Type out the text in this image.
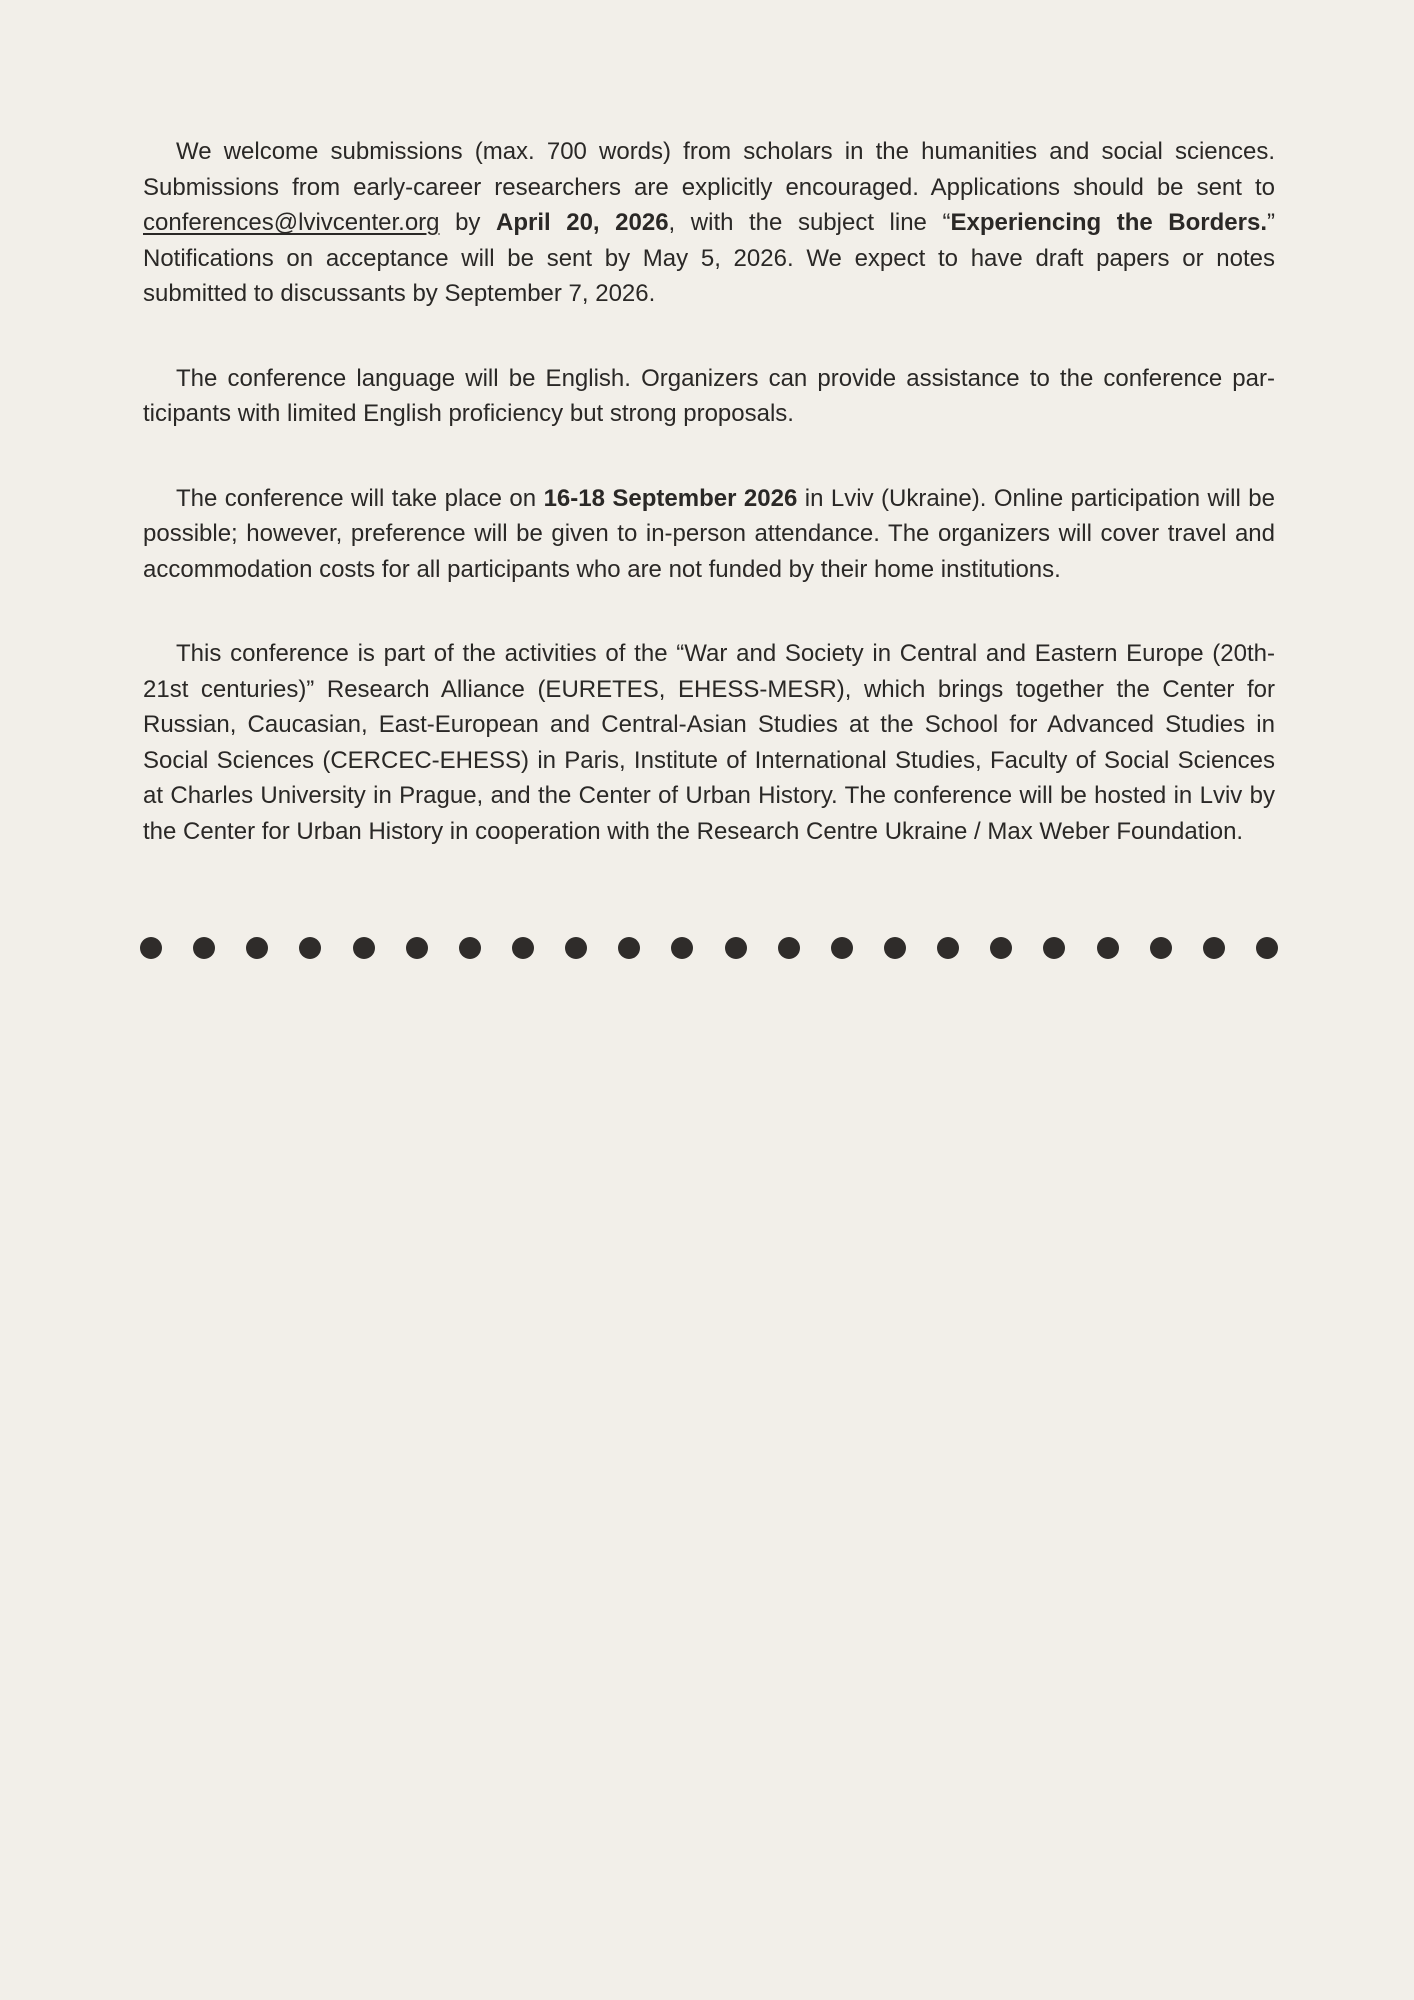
We welcome submissions (max. 700 words) from scholars in the humanities and social sciences. Submissions from early-career researchers are explicitly encouraged. Applications should be sent to conferences@lvivcenter.org by April 20, 2026, with the subject line “Experiencing the Borders.” Notifications on acceptance will be sent by May 5, 2026. We expect to have draft papers or notes submitted to discussants by September 7, 2026.

The conference language will be English. Organizers can provide assistance to the conference participants with limited English proficiency but strong proposals.

The conference will take place on 16-18 September 2026 in Lviv (Ukraine). Online participation will be possible; however, preference will be given to in-person attendance. The organizers will cover travel and accommodation costs for all participants who are not funded by their home institutions.

This conference is part of the activities of the “War and Society in Central and Eastern Europe (20th-21st centuries)” Research Alliance (EURETES, EHESS-MESR), which brings together the Center for Russian, Caucasian, East-European and Central-Asian Studies at the School for Advanced Studies in Social Sciences (CERCEC-EHESS) in Paris, Institute of International Studies, Faculty of Social Sciences at Charles University in Prague, and the Center of Urban History. The conference will be hosted in Lviv by the Center for Urban History in cooperation with the Research Centre Ukraine / Max Weber Foundation.
